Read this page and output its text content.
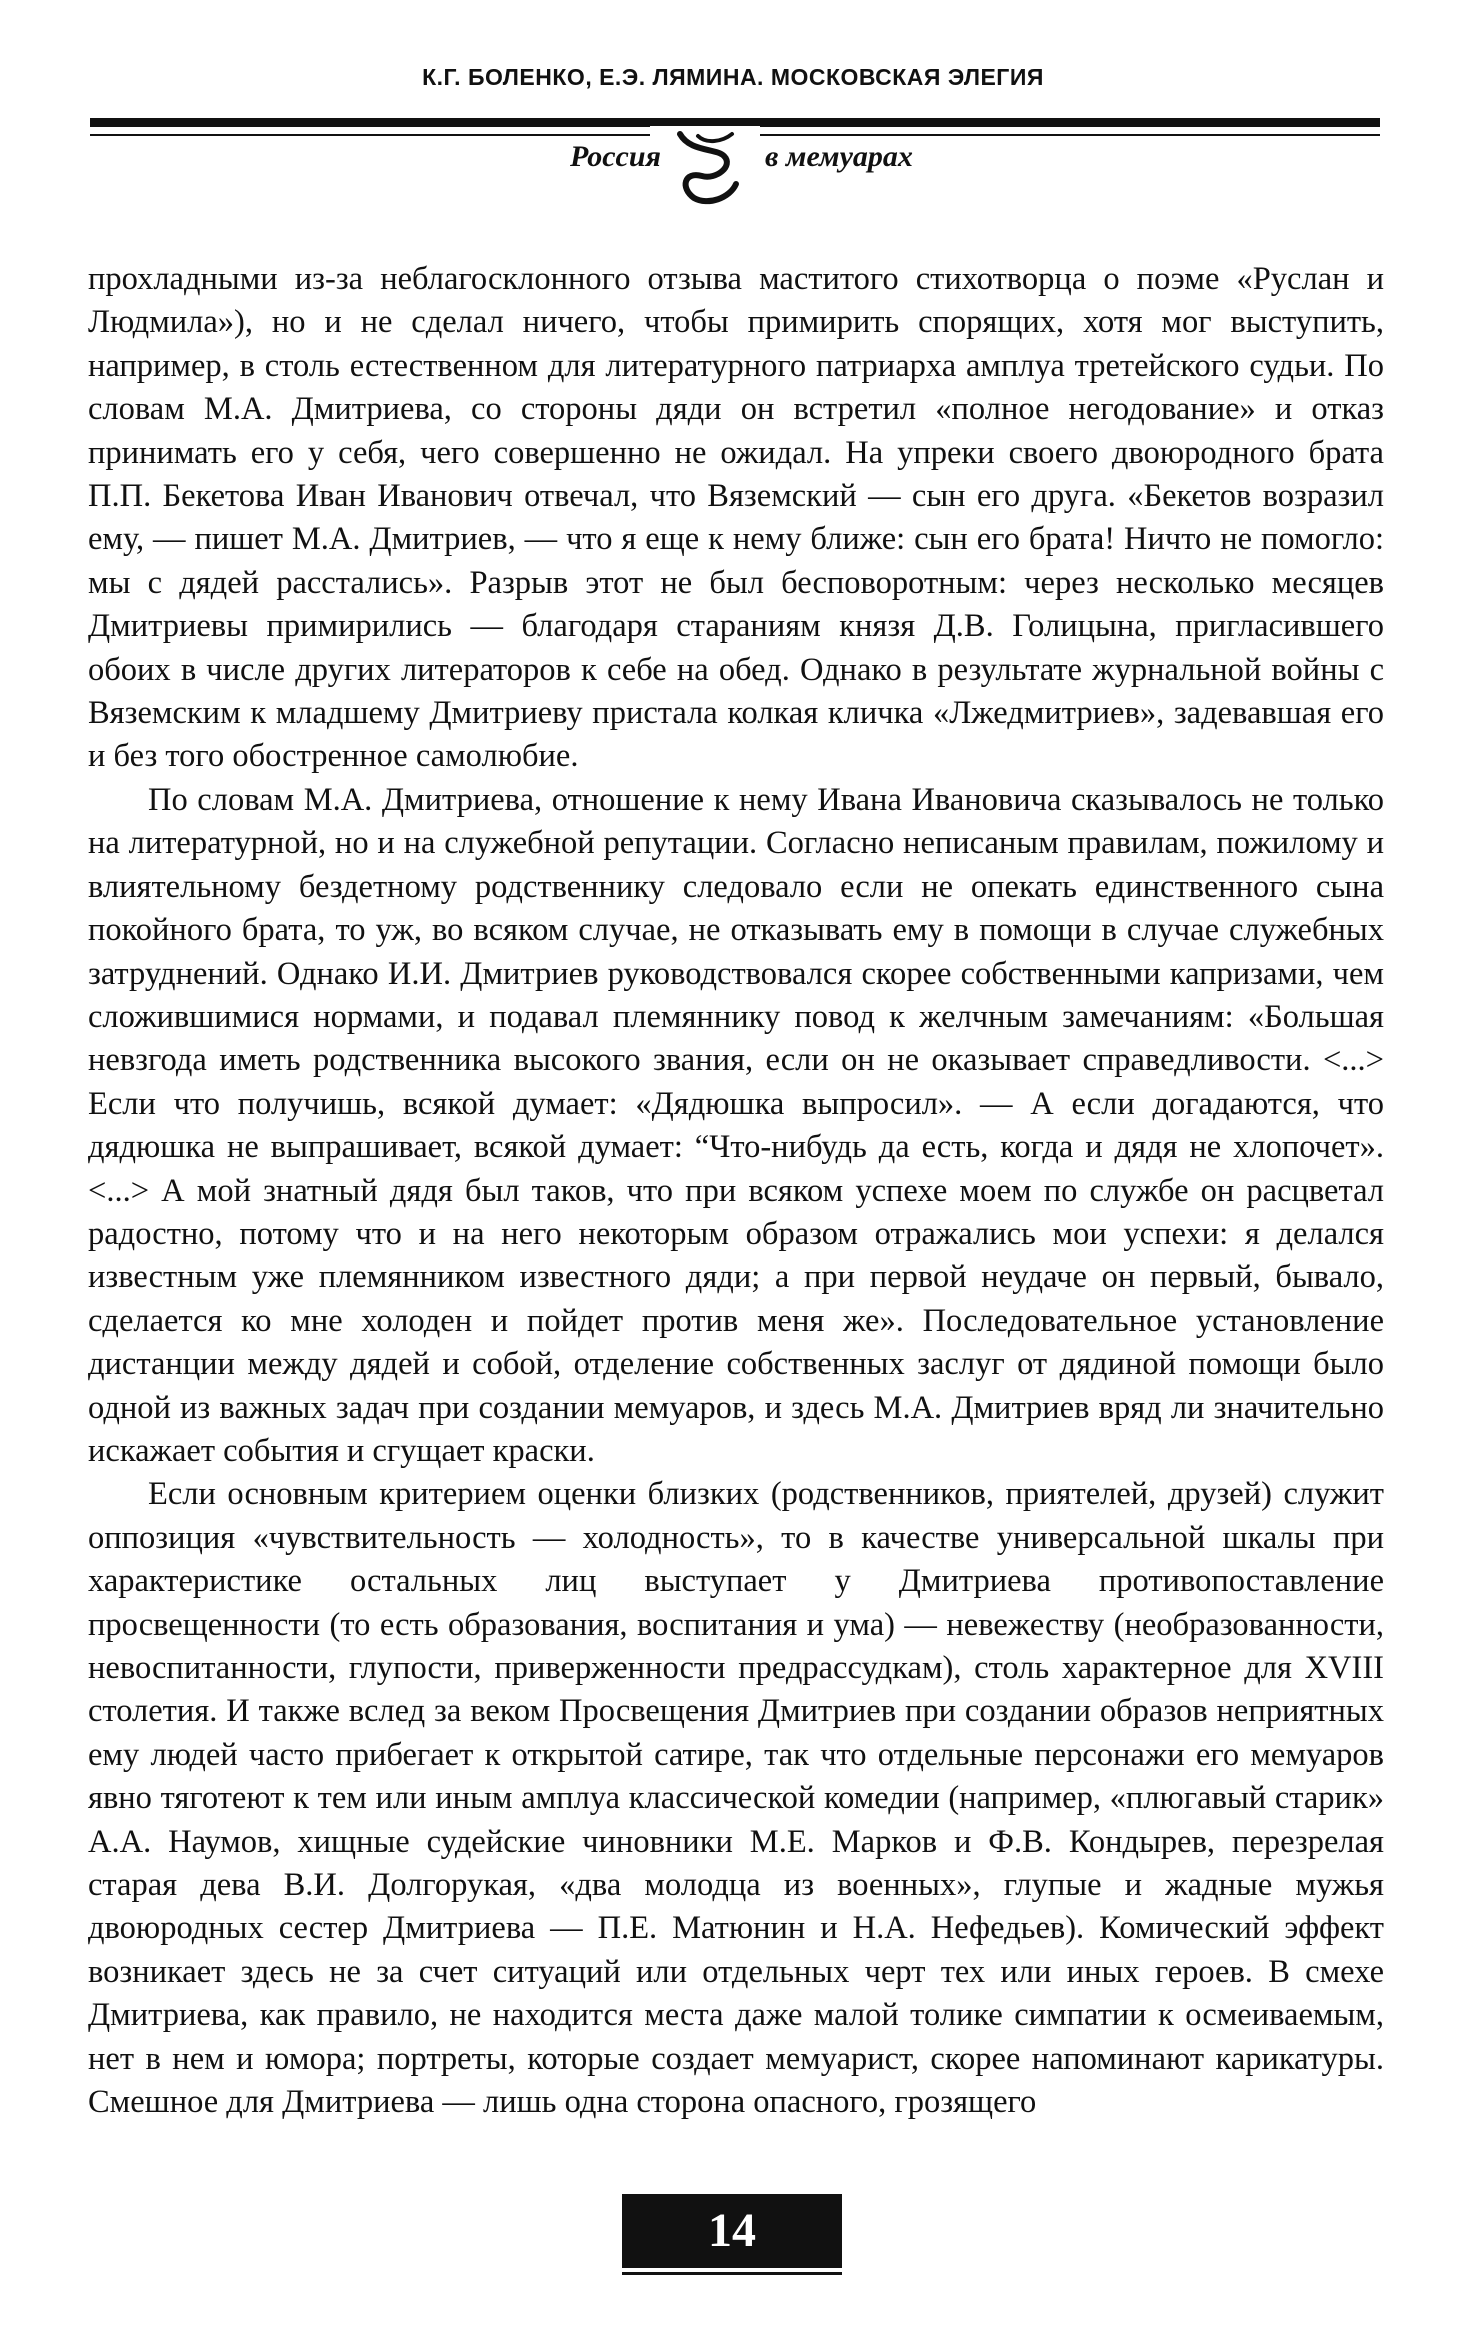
К.Г. БОЛЕНКО, Е.Э. ЛЯМИНА. МОСКОВСКАЯ ЭЛЕГИЯ
Россия	в мемуарах

прохладными из-за неблагосклонного отзыва маститого стихотворца о поэме «Руслан и Людмила»), но и не сделал ничего, чтобы примирить спорящих, хотя мог выступить, например, в столь естественном для литературного патриарха амплуа третейского судьи. По словам М.А. Дмитриева, со стороны дяди он встретил «полное негодование» и отказ принимать его у себя, чего совершенно не ожидал. На упреки своего двоюродного брата П.П. Бекетова Иван Иванович отвечал, что Вяземский — сын его друга. «Бекетов возразил ему, — пишет М.А. Дмитриев, — что я еще к нему ближе: сын его брата! Ничто не помогло: мы с дядей расстались». Разрыв этот не был бесповоротным: через несколько месяцев Дмитриевы примирились — благодаря стараниям князя Д.В. Голицына, пригласившего обоих в числе других литераторов к себе на обед. Однако в результате журнальной войны с Вяземским к младшему Дмитриеву пристала колкая кличка «Лжедмитриев», задевавшая его и без того обостренное самолюбие.

По словам М.А. Дмитриева, отношение к нему Ивана Ивановича сказывалось не только на литературной, но и на служебной репутации. Согласно неписаным правилам, пожилому и влиятельному бездетному родственнику следовало если не опекать единственного сына покойного брата, то уж, во всяком случае, не отказывать ему в помощи в случае служебных затруднений. Однако И.И. Дмитриев руководствовался скорее собственными капризами, чем сложившимися нормами, и подавал племяннику повод к желчным замечаниям: «Большая невзгода иметь родственника высокого звания, если он не оказывает справедливости. <...> Если что получишь, всякой думает: «Дядюшка выпросил». — А если догадаются, что дядюшка не выпрашивает, всякой думает: “Что-нибудь да есть, когда и дядя не хлопочет». <...> А мой знатный дядя был таков, что при всяком успехе моем по службе он расцветал радостно, потому что и на него некоторым образом отражались мои успехи: я делался известным уже племянником известного дяди; а при первой неудаче он первый, бывало, сделается ко мне холоден и пойдет против меня же». Последовательное установление дистанции между дядей и собой, отделение собственных заслуг от дядиной помощи было одной из важных задач при создании мемуаров, и здесь М.А. Дмитриев вряд ли значительно искажает события и сгущает краски.

Если основным критерием оценки близких (родственников, приятелей, друзей) служит оппозиция «чувствительность — холодность», то в качестве универсальной шкалы при характеристике остальных лиц выступает у Дмитриева противопоставление просвещенности (то есть образования, воспитания и ума) — невежеству (необразованности, невоспитанности, глупости, приверженности предрассудкам), столь характерное для XVIII столетия. И также вслед за веком Просвещения Дмитриев при создании образов неприятных ему людей часто прибегает к открытой сатире, так что отдельные персонажи его мемуаров явно тяготеют к тем или иным амплуа классической комедии (например, «плюгавый старик» А.А. Наумов, хищные судейские чиновники М.Е. Марков и Ф.В. Кондырев, перезрелая старая дева В.И. Долгорукая, «два молодца из военных», глупые и жадные мужья двоюродных сестер Дмитриева — П.Е. Матюнин и Н.А. Нефедьев). Комический эффект возникает здесь не за счет ситуаций или отдельных черт тех или иных героев. В смехе Дмитриева, как правило, не находится места даже малой толике симпатии к осмеиваемым, нет в нем и юмора; портреты, которые создает мемуарист, скорее напоминают карикатуры. Смешное для Дмитриева — лишь одна сторона опасного, грозящего

14
